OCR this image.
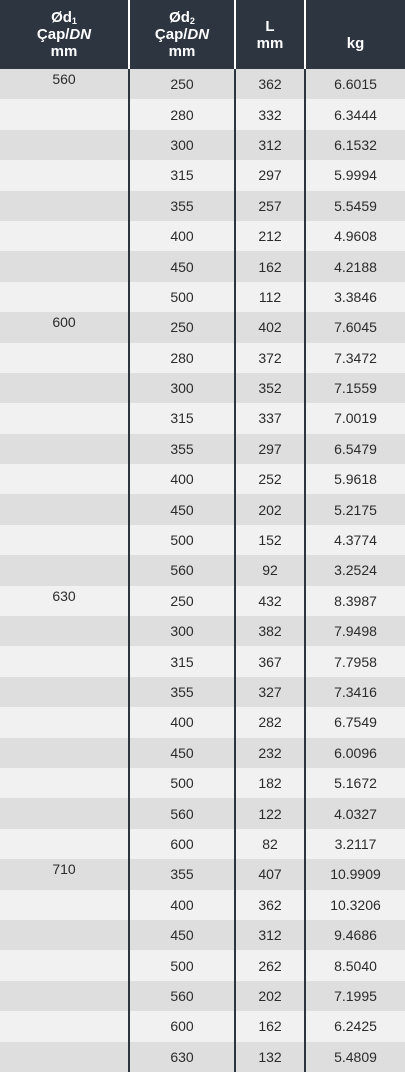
$Ød_1$
Çap/DN
mm	$Ød_2$
Çap/DN
mm	L
mm	kg

560	250	362	6.6015
	280	332	6.3444
	300	312	6.1532
	315	297	5.9994
	355	257	5.5459
	400	212	4.9608
	450	162	4.2188
	500	112	3.3846
600	250	402	7.6045
	280	372	7.3472
	300	352	7.1559
	315	337	7.0019
	355	297	6.5479
	400	252	5.9618
	450	202	5.2175
	500	152	4.3774
	560	92	3.2524
630	250	432	8.3987
	300	382	7.9498
	315	367	7.7958
	355	327	7.3416
	400	282	6.7549
	450	232	6.0096
	500	182	5.1672
	560	122	4.0327
	600	82	3.2117
710	355	407	10.9909
	400	362	10.3206
	450	312	9.4686
	500	262	8.5040
	560	202	7.1995
	600	162	6.2425
	630	132	5.4809
